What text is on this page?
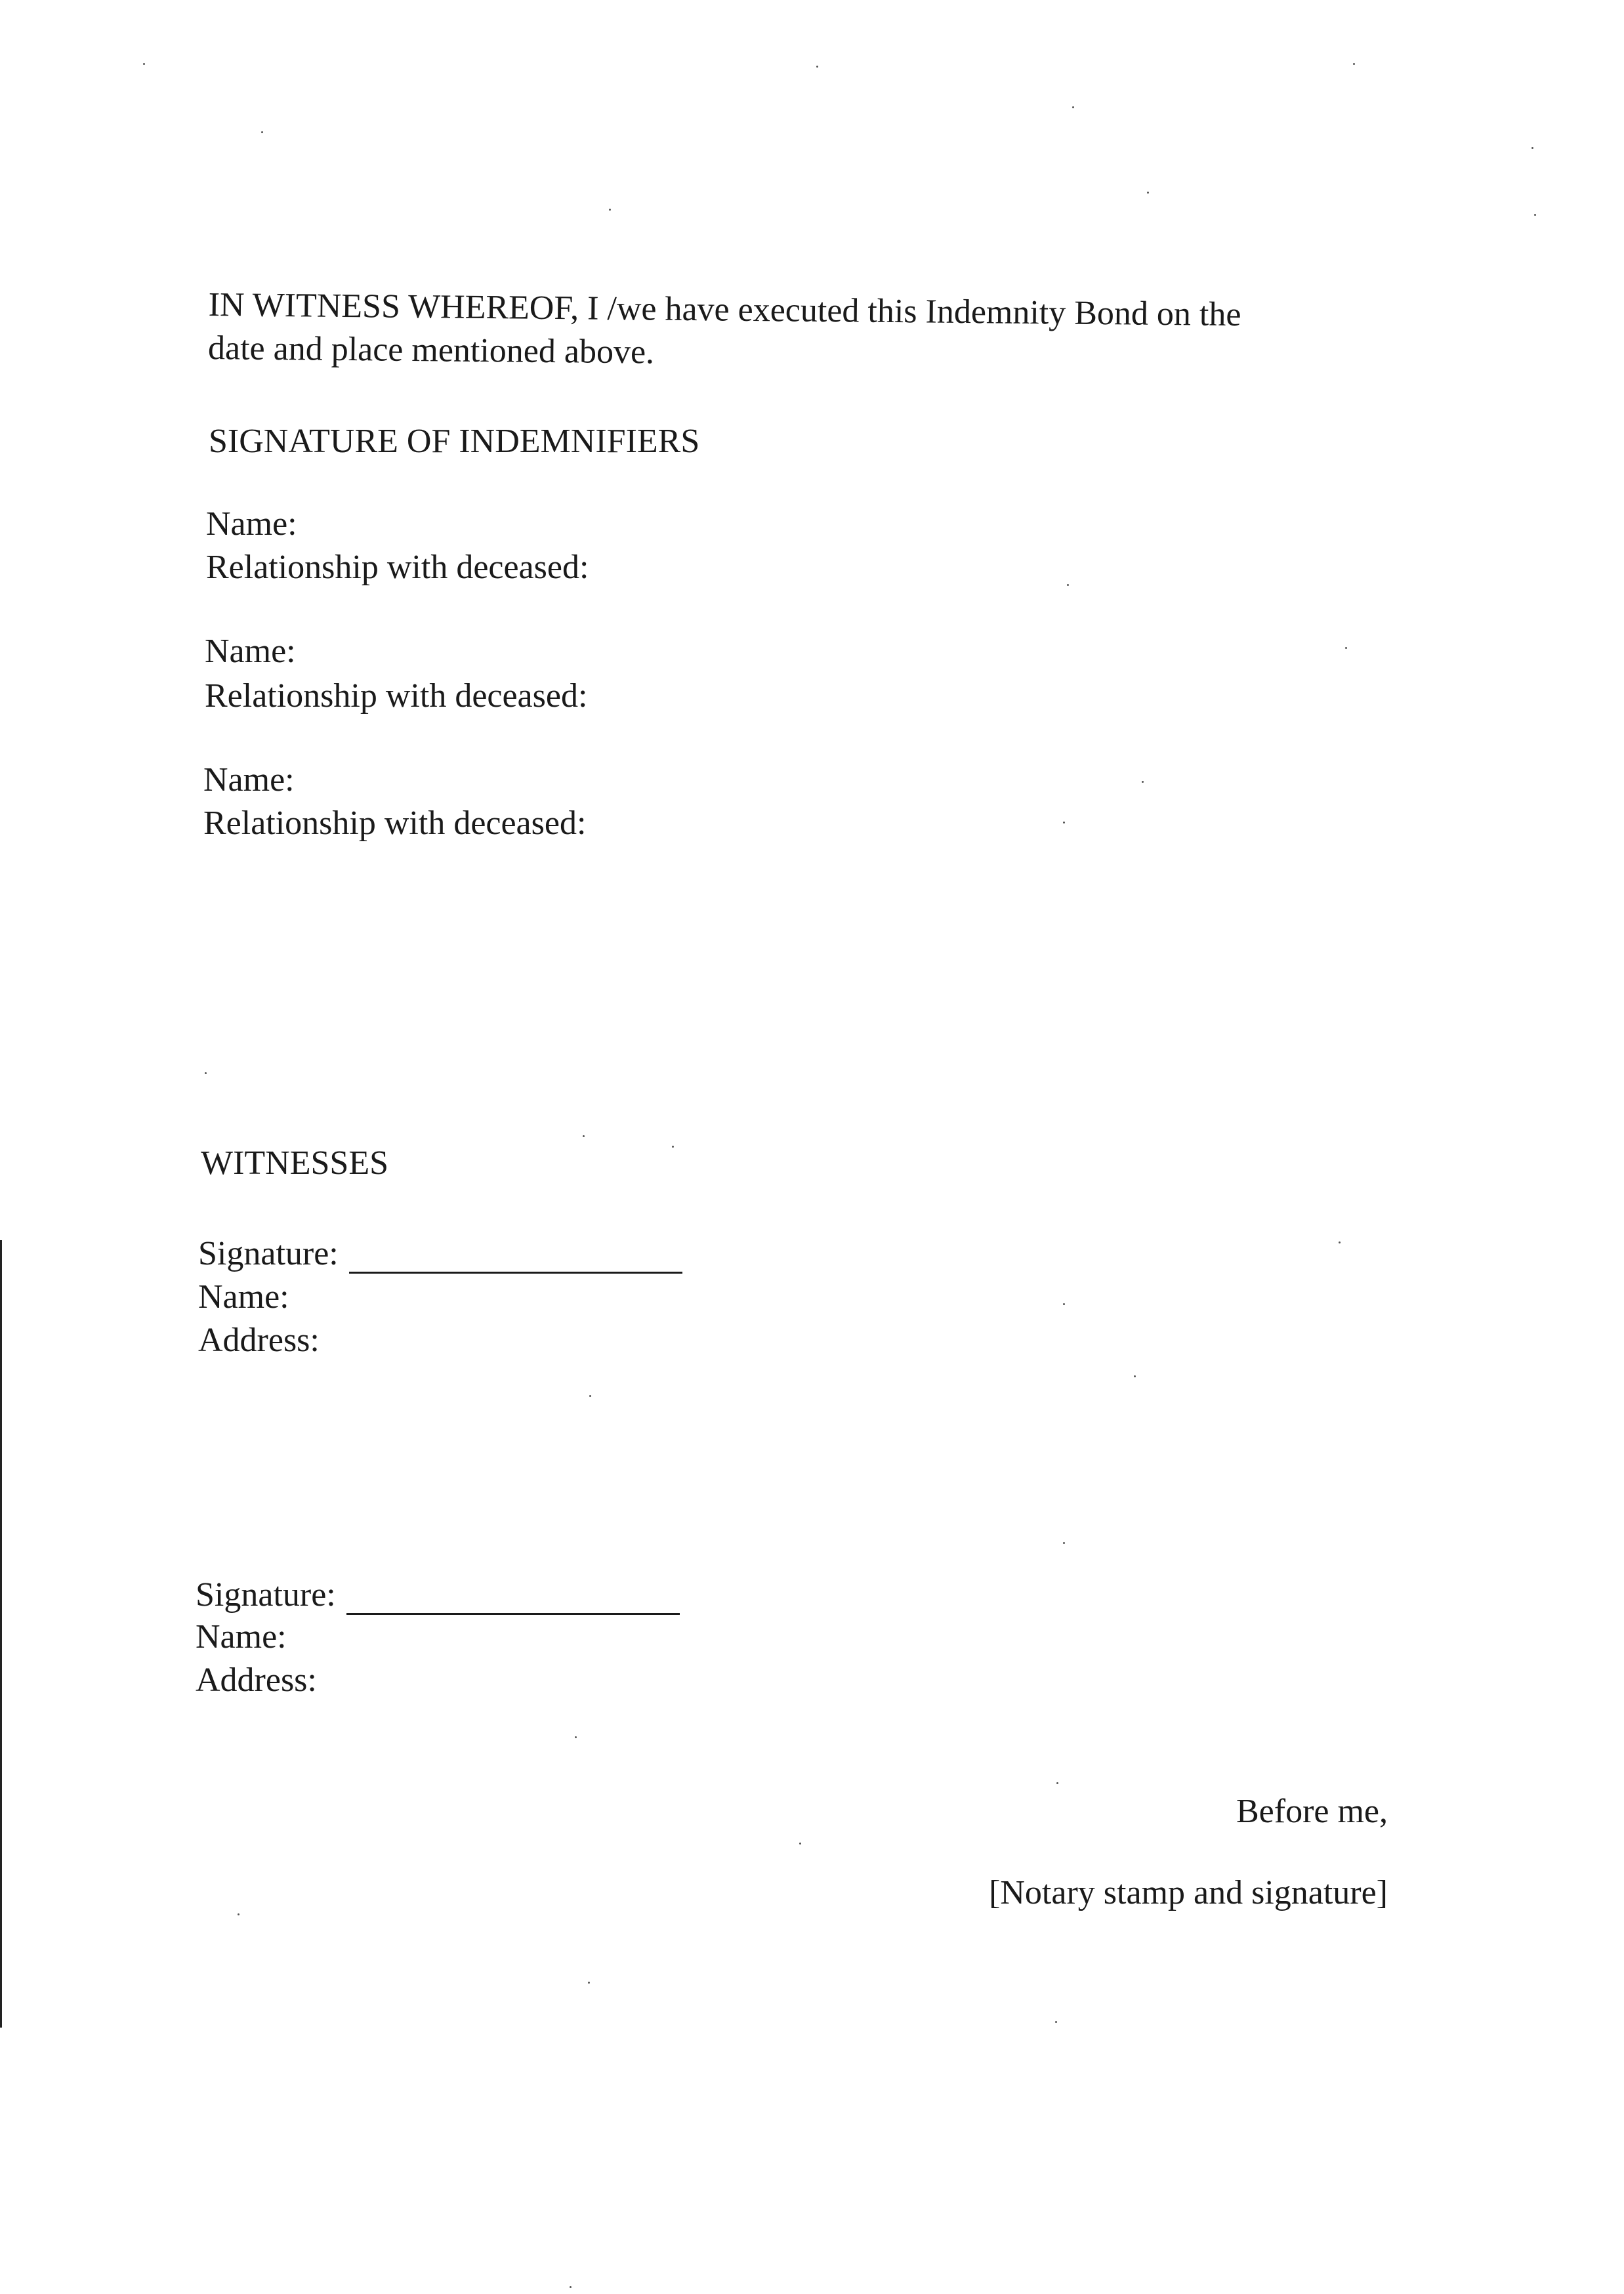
IN WITNESS WHEREOF, I /we have executed this Indemnity Bond on the
date and place mentioned above.
SIGNATURE OF INDEMNIFIERS
Name:
Relationship with deceased:
Name:
Relationship with deceased:
Name:
Relationship with deceased:
WITNESSES
Signature:
Name:
Address:
Signature:
Name:
Address:
Before me,
[Notary stamp and signature]
